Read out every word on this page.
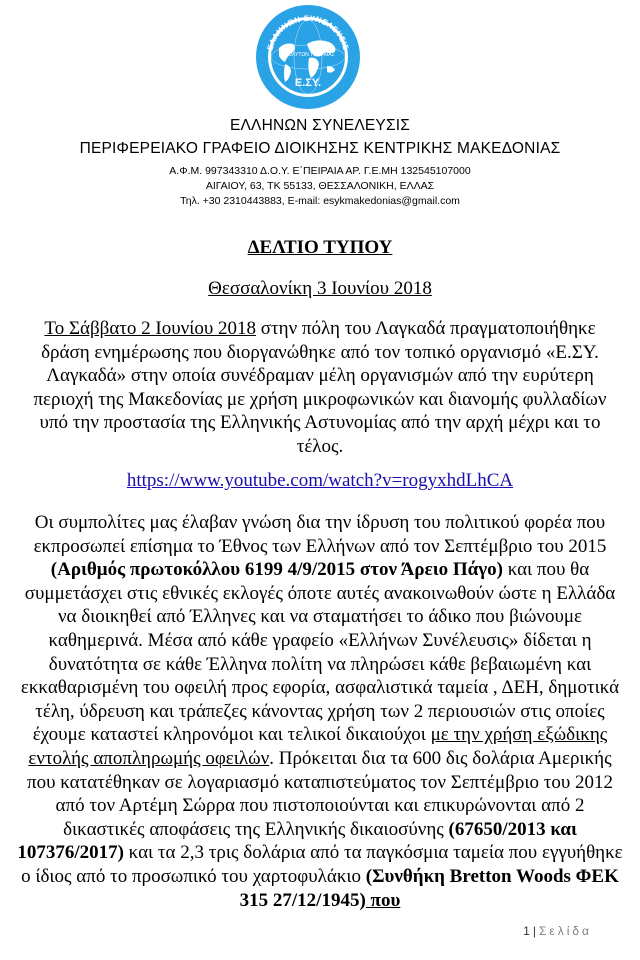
ΕΛΛΗΝΩΝ ΣΥΝΕΛΕΥΣΙΣ
ΑΠΟΛΥΤΩΝ ΤΗΣ ΓΑΙΑΣ
Ε.ΣΥ.
ΕΛΛΗΝΩΝ ΣΥΝΕΛΕΥΣΙΣ
ΠΕΡΙΦΕΡΕΙΑΚΟ ΓΡΑΦΕΙΟ ΔΙΟΙΚΗΣΗΣ ΚΕΝΤΡΙΚΗΣ ΜΑΚΕΔΟΝΙΑΣ
Α.Φ.Μ. 997343310 Δ.Ο.Υ. Ε΄ΠΕΙΡΑΙΑ ΑΡ. Γ.Ε.ΜΗ 132545107000
ΑΙΓΑΙΟΥ, 63, ΤΚ 55133, ΘΕΣΣΑΛΟΝΙΚΗ, ΕΛΛΑΣ
Τηλ. +30 2310443883, E-mail: esykmakedonias@gmail.com
ΔΕΛΤΙΟ ΤΥΠΟΥ
Θεσσαλονίκη 3 Ιουνίου 2018
Το Σάββατο 2 Ιουνίου 2018 στην πόλη του Λαγκαδά πραγματοποιήθηκε δράση ενημέρωσης που διοργανώθηκε από τον τοπικό οργανισμό «Ε.ΣΥ. Λαγκαδά» στην οποία συνέδραμαν μέλη οργανισμών από την ευρύτερη περιοχή της Μακεδονίας με χρήση μικροφωνικών και διανομής φυλλαδίων υπό την προστασία της Ελληνικής Αστυνομίας από την αρχή μέχρι και το τέλος.
https://www.youtube.com/watch?v=rogyxhdLhCA
Οι συμπολίτες μας έλαβαν γνώση δια την ίδρυση του πολιτικού φορέα που εκπροσωπεί επίσημα το Έθνος των Ελλήνων από τον Σεπτέμβριο του 2015 (Αριθμός πρωτοκόλλου 6199 4/9/2015 στον Άρειο Πάγο) και που θα συμμετάσχει στις εθνικές εκλογές όποτε αυτές ανακοινωθούν ώστε η Ελλάδα να διοικηθεί από Έλληνες και να σταματήσει το άδικο που βιώνουμε καθημερινά. Μέσα από κάθε γραφείο «Ελλήνων Συνέλευσις» δίδεται η δυνατότητα σε κάθε Έλληνα πολίτη να πληρώσει κάθε βεβαιωμένη και εκκαθαρισμένη του οφειλή προς εφορία, ασφαλιστικά ταμεία , ΔΕΗ, δημοτικά τέλη, ύδρευση και τράπεζες κάνοντας χρήση των 2 περιουσιών στις οποίες έχουμε καταστεί κληρονόμοι και τελικοί δικαιούχοι με την χρήση εξώδικης εντολής αποπληρωμής οφειλών. Πρόκειται δια τα 600 δις δολάρια Αμερικής που κατατέθηκαν σε λογαριασμό καταπιστεύματος τον Σεπτέμβριο του 2012 από τον Αρτέμη Σώρρα που πιστοποιούνται και επικυρώνονται από 2 δικαστικές αποφάσεις της Ελληνικής δικαιοσύνης (67650/2013 και 107376/2017) και τα 2,3 τρις δολάρια από τα παγκόσμια ταμεία που εγγυήθηκε ο ίδιος από το προσωπικό του χαρτοφυλάκιο (Συνθήκη Bretton Woods ΦΕΚ 315 27/12/1945) που
1 | Σελίδα
